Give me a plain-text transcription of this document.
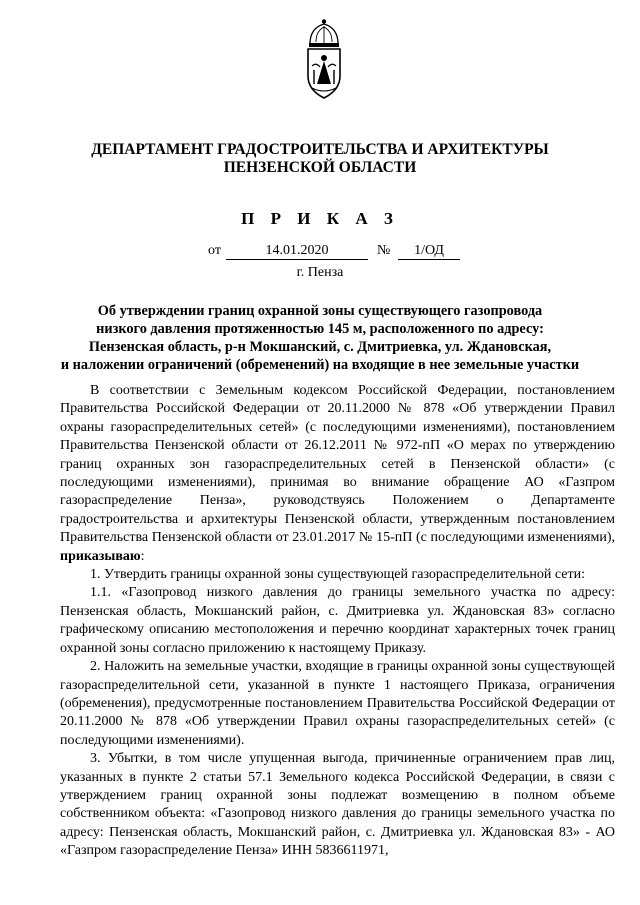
ДЕПАРТАМЕНТ ГРАДОСТРОИТЕЛЬСТВА И АРХИТЕКТУРЫ
ПЕНЗЕНСКОЙ ОБЛАСТИ
П Р И К А З
от	14.01.2020	№	1/ОД
г. Пенза
Об утверждении границ охранной зоны существующего газопровода
низкого давления протяженностью 145 м, расположенного по адресу:
Пензенская область, р-н Мокшанский, с. Дмитриевка, ул. Ждановская,
и наложении ограничений (обременений) на входящие в нее земельные участки

В соответствии с Земельным кодексом Российской Федерации, постановлением Правительства Российской Федерации от 20.11.2000 № 878 «Об утверждении Правил охраны газораспределительных сетей» (с последующими изменениями), постановлением Правительства Пензенской области от 26.12.2011 № 972-пП «О мерах по утверждению границ охранных зон газораспределительных сетей в Пензенской области» (с последующими изменениями), принимая во внимание обращение АО «Газпром газораспределение Пенза», руководствуясь Положением о Департаменте градостроительства и архитектуры Пензенской области, утвержденным постановлением Правительства Пензенской области от 23.01.2017 № 15-пП (с последующими изменениями), приказываю:

1. Утвердить границы охранной зоны существующей газораспределительной сети:

1.1. «Газопровод низкого давления до границы земельного участка по адресу: Пензенская область, Мокшанский район, с. Дмитриевка ул. Ждановская 83» согласно графическому описанию местоположения и перечню координат характерных точек границ охранной зоны согласно приложению к настоящему Приказу.

2. Наложить на земельные участки, входящие в границы охранной зоны существующей газораспределительной сети, указанной в пункте 1 настоящего Приказа, ограничения (обременения), предусмотренные постановлением Правительства Российской Федерации от 20.11.2000 № 878 «Об утверждении Правил охраны газораспределительных сетей» (с последующими изменениями).

3. Убытки, в том числе упущенная выгода, причиненные ограничением прав лиц, указанных в пункте 2 статьи 57.1 Земельного кодекса Российской Федерации, в связи с утверждением границ охранной зоны подлежат возмещению в полном объеме собственником объекта: «Газопровод низкого давления до границы земельного участка по адресу: Пензенская область, Мокшанский район, с. Дмитриевка ул. Ждановская 83» - АО «Газпром газораспределение Пенза» ИНН 5836611971,
